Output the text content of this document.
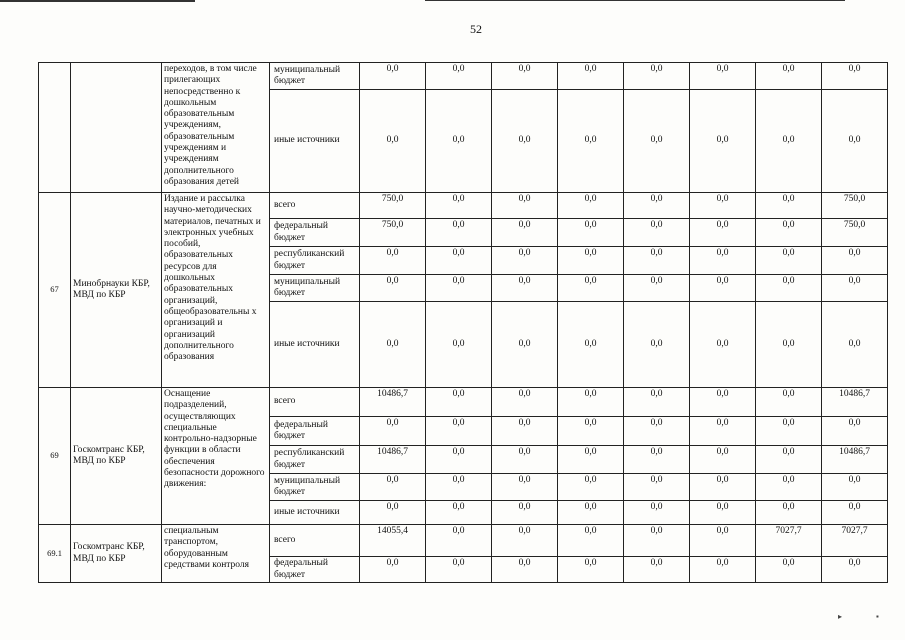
52
		переходов, в том числе прилегающих непосредственно к дошкольным образовательным учреждениям, образовательным учреждениям и учреждениям дополнительного образования детей	муниципальный бюджет	0,0	0,0	0,0	0,0	0,0	0,0	0,0	0,0
			иные источники	0,0	0,0	0,0	0,0	0,0	0,0	0,0	0,0
67	Минобрнауки КБР, МВД по КБР	Издание и рассылка научно-методических материалов, печатных и электронных учебных пособий, образовательных ресурсов для дошкольных образовательных организаций, общеобразовательны х организаций и организаций дополнительного образования	всего	750,0	0,0	0,0	0,0	0,0	0,0	0,0	750,0
			федеральный бюджет	750,0	0,0	0,0	0,0	0,0	0,0	0,0	750,0
			республиканский бюджет	0,0	0,0	0,0	0,0	0,0	0,0	0,0	0,0
			муниципальный бюджет	0,0	0,0	0,0	0,0	0,0	0,0	0,0	0,0
			иные источники	0,0	0,0	0,0	0,0	0,0	0,0	0,0	0,0
69	Госкомтранс КБР, МВД по КБР	Оснащение подразделений, осуществляющих специальные контрольно-надзорные функции в области обеспечения безопасности дорожного движения:	всего	10486,7	0,0	0,0	0,0	0,0	0,0	0,0	10486,7
			федеральный бюджет	0,0	0,0	0,0	0,0	0,0	0,0	0,0	0,0
			республиканский бюджет	10486,7	0,0	0,0	0,0	0,0	0,0	0,0	10486,7
			муниципальный бюджет	0,0	0,0	0,0	0,0	0,0	0,0	0,0	0,0
			иные источники	0,0	0,0	0,0	0,0	0,0	0,0	0,0	0,0
69.1	Госкомтранс КБР, МВД по КБР	специальным транспортом, оборудованным средствами контроля	всего	14055,4	0,0	0,0	0,0	0,0	0,0	7027,7	7027,7
			федеральный бюджет	0,0	0,0	0,0	0,0	0,0	0,0	0,0	0,0
▸	▪
